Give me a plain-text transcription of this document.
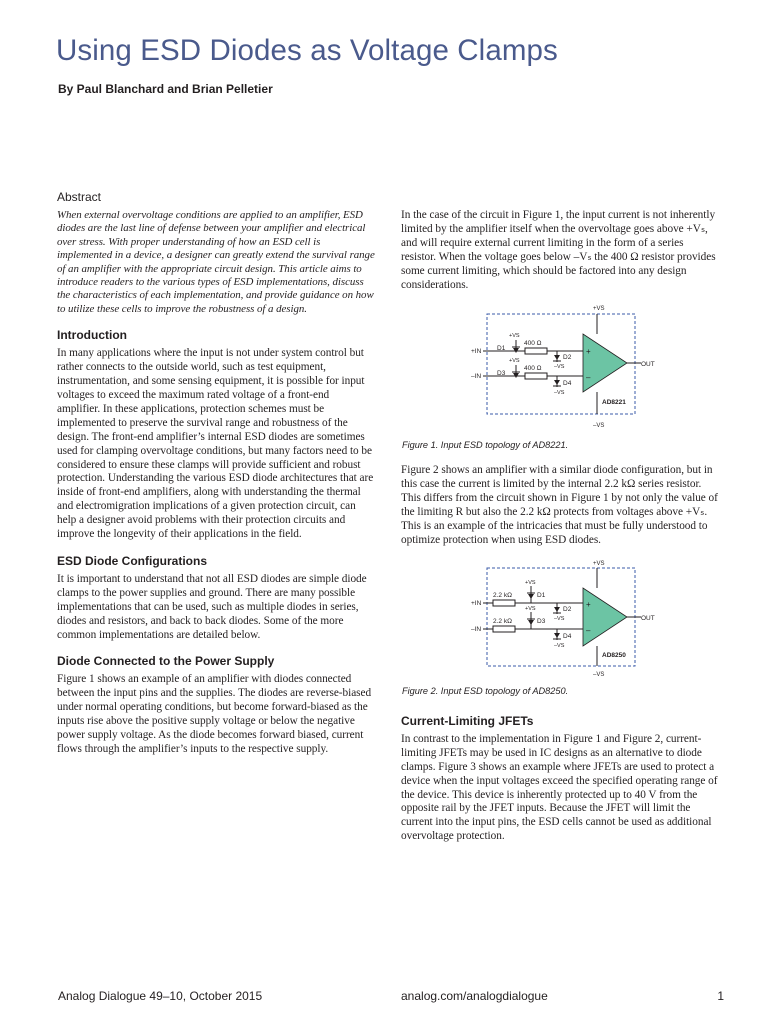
Using ESD Diodes as Voltage Clamps
By Paul Blanchard and Brian Pelletier
Abstract

When external overvoltage conditions are applied to an amplifier, ESD diodes are the last line of defense between your amplifier and electrical over stress. With proper understanding of how an ESD cell is implemented in a device, a designer can greatly extend the survival range of an amplifier with the appropriate circuit design. This article aims to introduce readers to the various types of ESD implementations, discuss the characteristics of each implementation, and provide guidance on how to utilize these cells to improve the robustness of a design.

Introduction

In many applications where the input is not under system control but rather connects to the outside world, such as test equipment, instrumentation, and some sensing equipment, it is possible for input voltages to exceed the maximum rated voltage of a front-end amplifier. In these applications, protection schemes must be implemented to preserve the survival range and robustness of the design. The front-end amplifier’s internal ESD diodes are sometimes used for clamping overvoltage conditions, but many factors need to be considered to ensure these clamps will provide sufficient and robust protection. Understanding the various ESD diode architectures that are inside of front-end amplifiers, along with understanding the thermal and electromigration implications of a given protection circuit, can help a designer avoid problems with their protection circuits and improve the longevity of their applications in the field.

ESD Diode Configurations

It is important to understand that not all ESD diodes are simple diode clamps to the power supplies and ground. There are many possible implementations that can be used, such as multiple diodes in series, diodes and resistors, and back to back diodes. Some of the more common implementations are detailed below.

Diode Connected to the Power Supply

Figure 1 shows an example of an amplifier with diodes connected between the input pins and the supplies. The diodes are reverse-biased under normal operating conditions, but become forward-biased as the inputs rise above the positive supply voltage or below the negative power supply voltage. As the diode becomes forward biased, current flows through the amplifier’s inputs to the respective supply.

In the case of the circuit in Figure 1, the input current is not inherently limited by the amplifier itself when the overvoltage goes above +Vₛ, and will require external current limiting in the form of a series resistor. When the voltage goes below –Vₛ the 400 Ω resistor provides some current limiting, which should be factored into any design considerations.

+VS
–VS
+IN
–IN
+VS
D1
+VS
D3
400 Ω
400 Ω
D2
–VS
D4
–VS
+
–
AD8221
OUT
Figure 1. Input ESD topology of AD8221.

Figure 2 shows an amplifier with a similar diode configuration, but in this case the current is limited by the internal 2.2 kΩ series resistor. This differs from the circuit shown in Figure 1 by not only the value of the limiting R but also the 2.2 kΩ protects from voltages above +Vₛ. This is an example of the intricacies that must be fully understood to optimize protection when using ESD diodes.

+VS
–VS
+IN
–IN
2.2 kΩ
2.2 kΩ
+VS
D1
+VS
D3
D2
–VS
D4
–VS
+
–
AD8250
OUT
Figure 2. Input ESD topology of AD8250.
Current-Limiting JFETs

In contrast to the implementation in Figure 1 and Figure 2, current-limiting JFETs may be used in IC designs as an alternative to diode clamps. Figure 3 shows an example where JFETs are used to protect a device when the input voltages exceed the specified operating range of the device. This device is inherently protected up to 40 V from the opposite rail by the JFET inputs. Because the JFET will limit the current into the input pins, the ESD cells cannot be used as additional overvoltage protection.

Analog Dialogue 49–10, October 2015	analog.com/analogdialogue	1
